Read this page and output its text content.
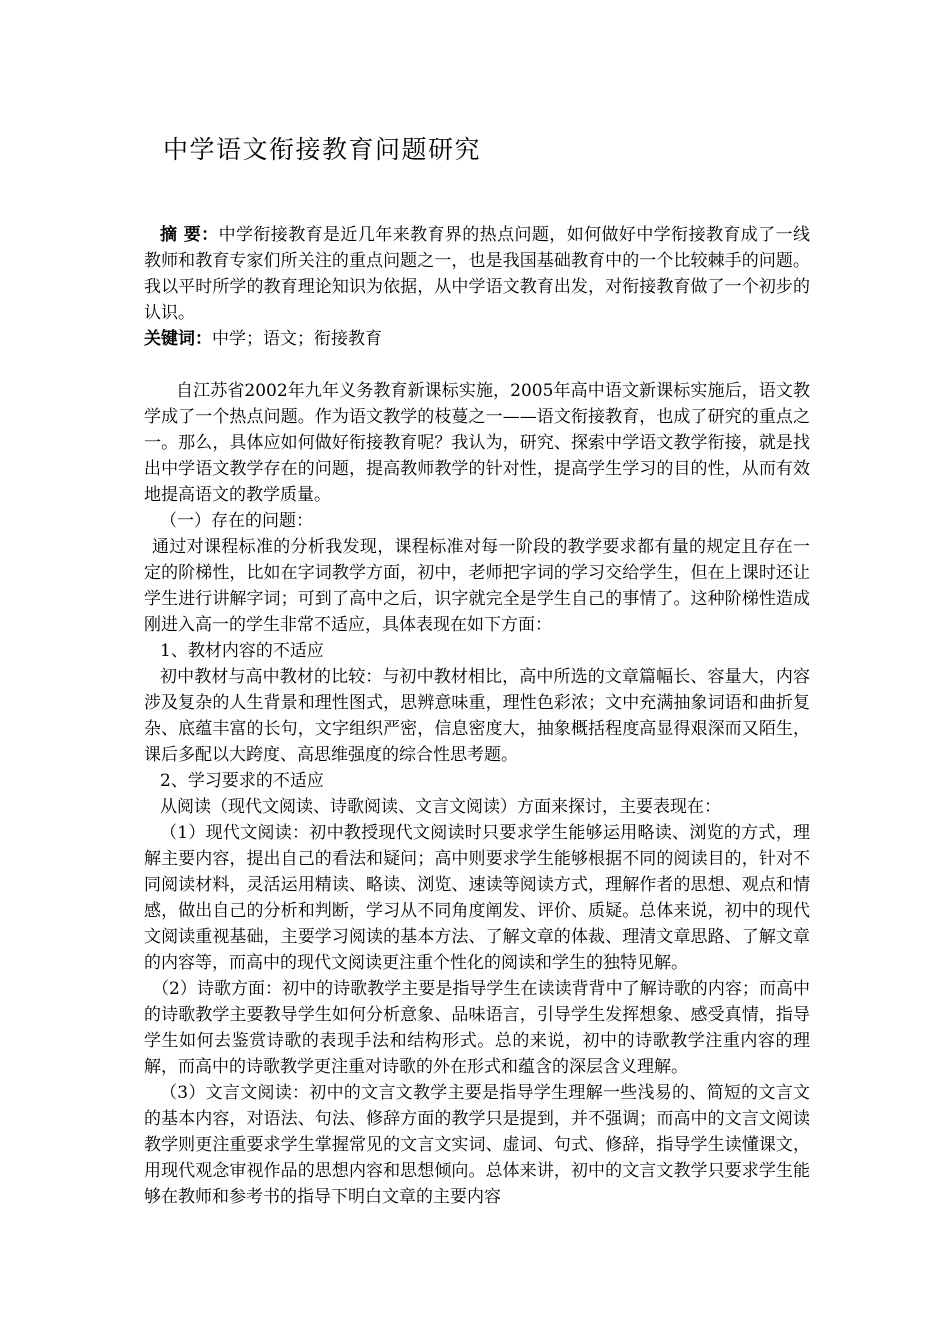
中学语文衔接教育问题研究

摘 要：中学衔接教育是近几年来教育界的热点问题，如何做好中学衔接教育成了一线教师和教育专家们所关注的重点问题之一，也是我国基础教育中的一个比较棘手的问题。我以平时所学的教育理论知识为依据，从中学语文教育出发，对衔接教育做了一个初步的认识。

关键词：中学；语文；衔接教育

自江苏省2002年九年义务教育新课标实施，2005年高中语文新课标实施后，语文教学成了一个热点问题。作为语文教学的枝蔓之一——语文衔接教育，也成了研究的重点之一。那么，具体应如何做好衔接教育呢？我认为，研究、探索中学语文教学衔接，就是找出中学语文教学存在的问题，提高教师教学的针对性，提高学生学习的目的性，从而有效地提高语文的教学质量。

（一）存在的问题：

通过对课程标准的分析我发现，课程标准对每一阶段的教学要求都有量的规定且存在一定的阶梯性，比如在字词教学方面，初中，老师把字词的学习交给学生，但在上课时还让学生进行讲解字词；可到了高中之后，识字就完全是学生自己的事情了。这种阶梯性造成刚进入高一的学生非常不适应，具体表现在如下方面：

1、教材内容的不适应

初中教材与高中教材的比较：与初中教材相比，高中所选的文章篇幅长、容量大，内容涉及复杂的人生背景和理性图式，思辨意味重，理性色彩浓；文中充满抽象词语和曲折复杂、底蕴丰富的长句，文字组织严密，信息密度大，抽象概括程度高显得艰深而又陌生，课后多配以大跨度、高思维强度的综合性思考题。

2、学习要求的不适应

从阅读（现代文阅读、诗歌阅读、文言文阅读）方面来探讨，主要表现在：

（1）现代文阅读：初中教授现代文阅读时只要求学生能够运用略读、浏览的方式，理解主要内容，提出自己的看法和疑问；高中则要求学生能够根据不同的阅读目的，针对不同阅读材料，灵活运用精读、略读、浏览、速读等阅读方式，理解作者的思想、观点和情感，做出自己的分析和判断，学习从不同角度阐发、评价、质疑。总体来说，初中的现代文阅读重视基础，主要学习阅读的基本方法、了解文章的体裁、理清文章思路、了解文章的内容等，而高中的现代文阅读更注重个性化的阅读和学生的独特见解。

（2）诗歌方面：初中的诗歌教学主要是指导学生在读读背背中了解诗歌的内容；而高中的诗歌教学主要教导学生如何分析意象、品味语言，引导学生发挥想象、感受真情，指导学生如何去鉴赏诗歌的表现手法和结构形式。总的来说，初中的诗歌教学注重内容的理解，而高中的诗歌教学更注重对诗歌的外在形式和蕴含的深层含义理解。

（3）文言文阅读：初中的文言文教学主要是指导学生理解一些浅易的、简短的文言文的基本内容，对语法、句法、修辞方面的教学只是提到，并不强调；而高中的文言文阅读教学则更注重要求学生掌握常见的文言文实词、虚词、句式、修辞，指导学生读懂课文，用现代观念审视作品的思想内容和思想倾向。总体来讲，初中的文言文教学只要求学生能够在教师和参考书的指导下明白文章的主要内容
